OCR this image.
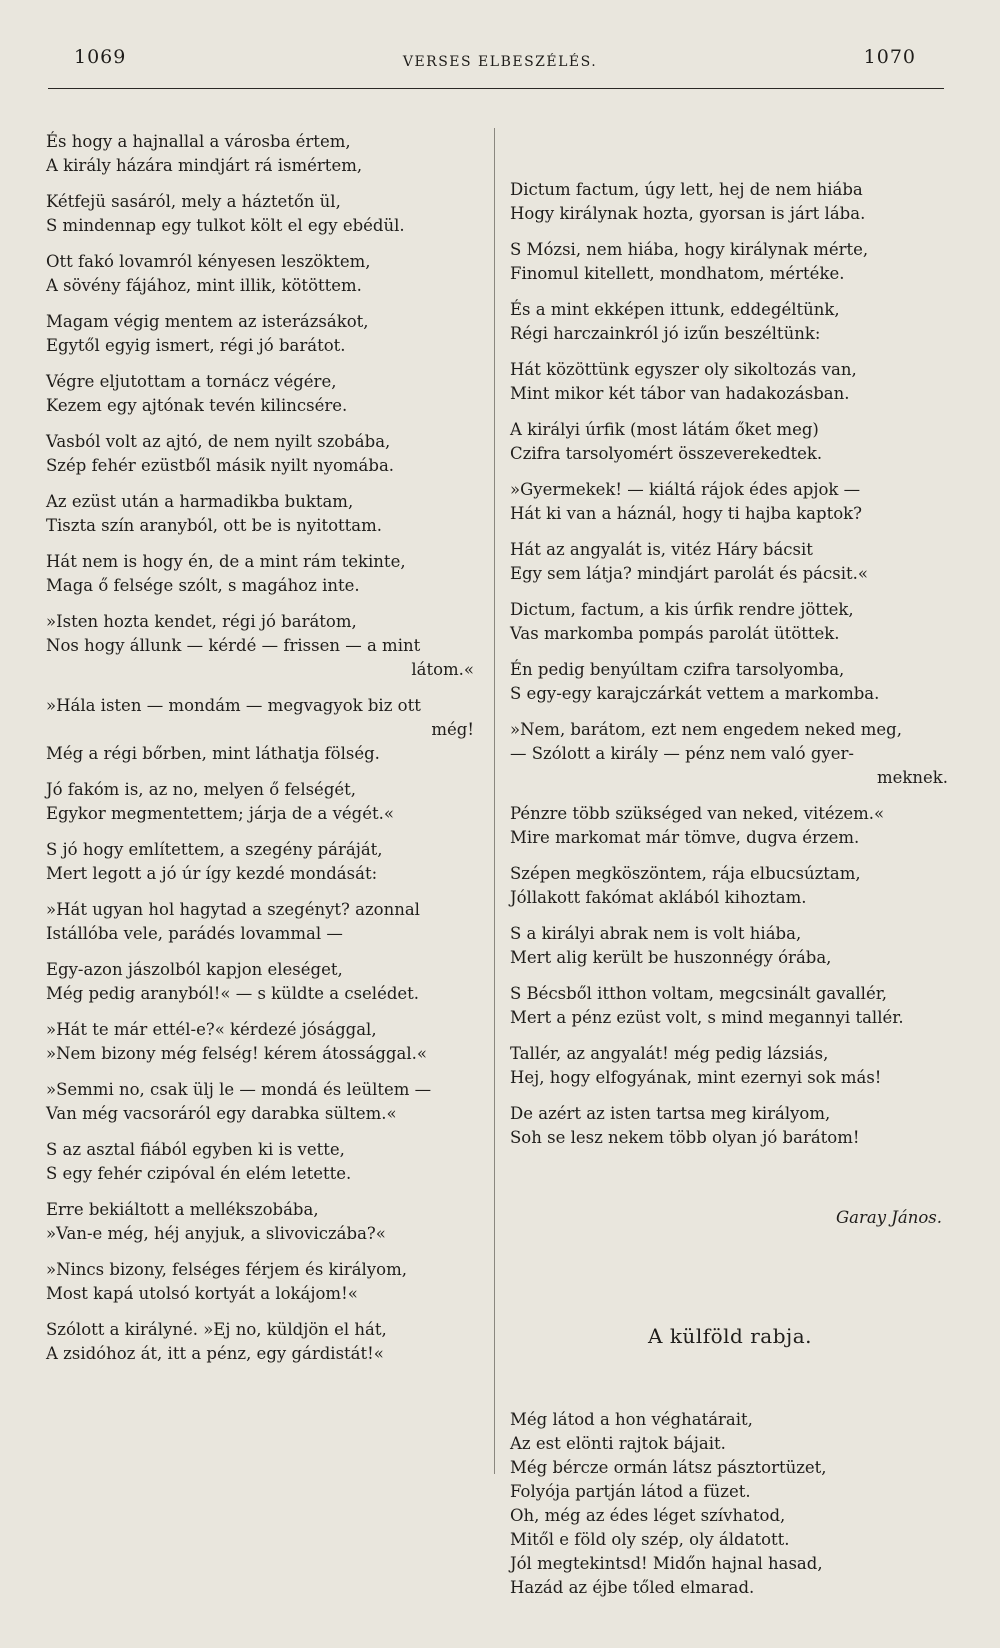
1069	VERSES ELBESZÉLÉS.	1070
És hogy a hajnallal a városba értem,
A király házára mindjárt rá ismértem,
Kétfejü sasáról, mely a háztetőn ül,
S mindennap egy tulkot költ el egy ebédül.
Ott fakó lovamról kényesen leszöktem,
A sövény fájához, mint illik, kötöttem.
Magam végig mentem az isterázsákot,
Egytől egyig ismert, régi jó barátot.
Végre eljutottam a tornácz végére,
Kezem egy ajtónak tevén kilincsére.
Vasból volt az ajtó, de nem nyilt szobába,
Szép fehér ezüstből másik nyilt nyomába.
Az ezüst után a harmadikba buktam,
Tiszta szín aranyból, ott be is nyitottam.
Hát nem is hogy én, de a mint rám tekinte,
Maga ő felsége szólt, s magához inte.
»Isten hozta kendet, régi jó barátom,
Nos hogy állunk — kérdé — frissen — a mint
látom.«
»Hála isten — mondám — megvagyok biz ott
még!
Még a régi bőrben, mint láthatja fölség.
Jó fakóm is, az no, melyen ő felségét,
Egykor megmentettem; járja de a végét.«
S jó hogy említettem, a szegény páráját,
Mert legott a jó úr így kezdé mondását:
»Hát ugyan hol hagytad a szegényt? azonnal
Istállóba vele, parádés lovammal —
Egy-azon jászolból kapjon eleséget,
Még pedig aranyból!« — s küldte a cselédet.
»Hát te már ettél-e?« kérdezé jósággal,
»Nem bizony még felség! kérem átossággal.«
»Semmi no, csak ülj le — mondá és leültem —
Van még vacsoráról egy darabka sültem.«
S az asztal fiából egyben ki is vette,
S egy fehér czipóval én elém letette.
Erre bekiáltott a mellékszobába,
»Van-e még, héj anyjuk, a slivoviczába?«
»Nincs bizony, felséges férjem és királyom,
Most kapá utolsó kortyát a lokájom!«
Szólott a királyné. »Ej no, küldjön el hát,
A zsidóhoz át, itt a pénz, egy gárdistát!«

Dictum factum, úgy lett, hej de nem hiába
Hogy királynak hozta, gyorsan is járt lába.
S Mózsi, nem hiába, hogy királynak mérte,
Finomul kitellett, mondhatom, mértéke.
És a mint ekképen ittunk, eddegéltünk,
Régi harczainkról jó izűn beszéltünk:
Hát közöttünk egyszer oly sikoltozás van,
Mint mikor két tábor van hadakozásban.
A királyi úrfik (most látám őket meg)
Czifra tarsolyomért összeverekedtek.
»Gyermekek! — kiáltá rájok édes apjok —
Hát ki van a háznál, hogy ti hajba kaptok?
Hát az angyalát is, vitéz Háry bácsit
Egy sem látja? mindjárt parolát és pácsit.«
Dictum, factum, a kis úrfik rendre jöttek,
Vas markomba pompás parolát ütöttek.
Én pedig benyúltam czifra tarsolyomba,
S egy-egy karajczárkát vettem a markomba.
»Nem, barátom, ezt nem engedem neked meg,
— Szólott a király — pénz nem való gyer-
meknek.
Pénzre több szükséged van neked, vitézem.«
Mire markomat már tömve, dugva érzem.
Szépen megköszöntem, rája elbucsúztam,
Jóllakott fakómat aklából kihoztam.
S a királyi abrak nem is volt hiába,
Mert alig került be huszonnégy órába,
S Bécsből itthon voltam, megcsinált gavallér,
Mert a pénz ezüst volt, s mind megannyi tallér.
Tallér, az angyalát! még pedig lázsiás,
Hej, hogy elfogyának, mint ezernyi sok más!
De azért az isten tartsa meg királyom,
Soh se lesz nekem több olyan jó barátom!

Garay János.

A külföld rabja.

Még látod a hon véghatárait,
Az est elönti rajtok bájait.
Még bércze ormán látsz pásztortüzet,
Folyója partján látod a füzet.
Oh, még az édes léget szívhatod,
Mitől e föld oly szép, oly áldatott.
Jól megtekintsd! Midőn hajnal hasad,
Hazád az éjbe tőled elmarad.
